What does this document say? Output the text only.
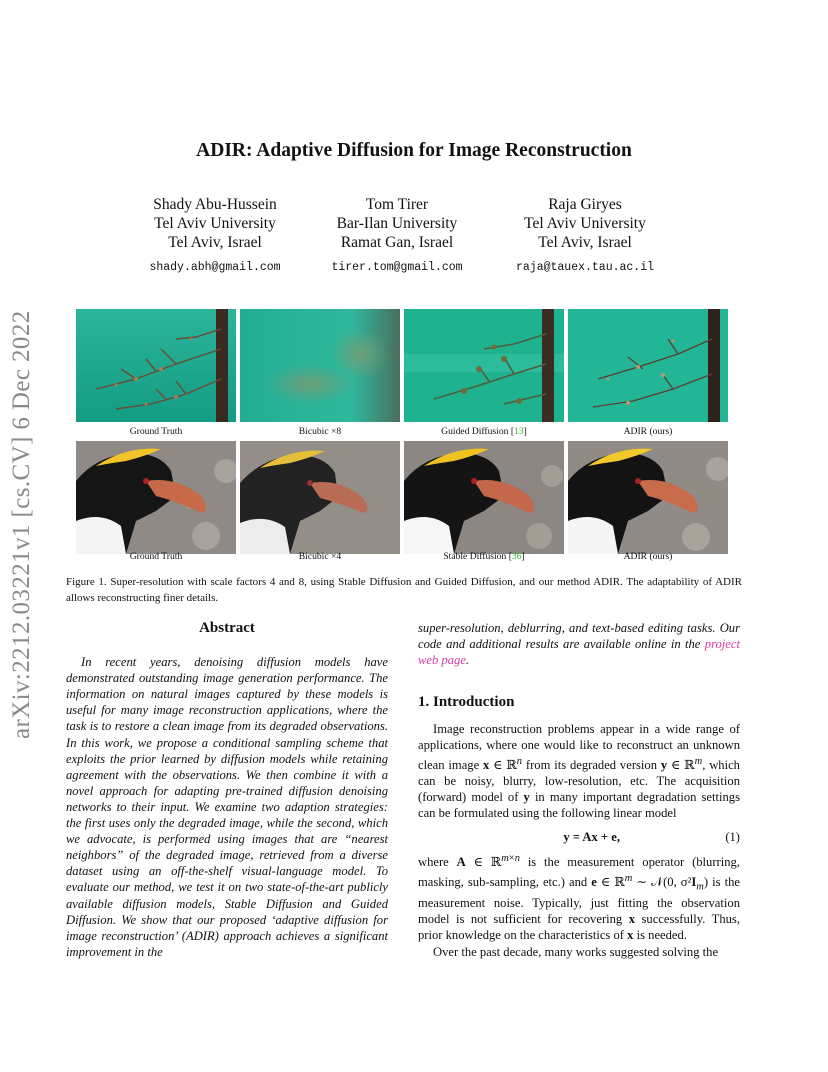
arXiv:2212.03221v1 [cs.CV] 6 Dec 2022
ADIR: Adaptive Diffusion for Image Reconstruction
Shady Abu-Hussein
Tel Aviv University
Tel Aviv, Israel
shady.abh@gmail.com
Tom Tirer
Bar-Ilan University
Ramat Gan, Israel
tirer.tom@gmail.com
Raja Giryes
Tel Aviv University
Tel Aviv, Israel
raja@tauex.tau.ac.il
Ground Truth	Bicubic ×8	Guided Diffusion [13]	ADIR (ours)
Ground Truth	Bicubic ×4	Stable Diffusion [36]	ADIR (ours)
Figure 1. Super-resolution with scale factors 4 and 8, using Stable Diffusion and Guided Diffusion, and our method ADIR. The adaptability of ADIR allows reconstructing finer details.
Abstract
In recent years, denoising diffusion models have demonstrated outstanding image generation performance. The information on natural images captured by these models is useful for many image reconstruction applications, where the task is to restore a clean image from its degraded observations. In this work, we propose a conditional sampling scheme that exploits the prior learned by diffusion models while retaining agreement with the observations. We then combine it with a novel approach for adapting pre-trained diffusion denoising networks to their input. We examine two adaption strategies: the first uses only the degraded image, while the second, which we advocate, is performed using images that are “nearest neighbors” of the degraded image, retrieved from a diverse dataset using an off-the-shelf visual-language model. To evaluate our method, we test it on two state-of-the-art publicly available diffusion models, Stable Diffusion and Guided Diffusion. We show that our proposed ‘adaptive diffusion for image reconstruction’ (ADIR) approach achieves a significant improvement in the
super-resolution, deblurring, and text-based editing tasks. Our code and additional results are available online in the project web page.
1. Introduction
Image reconstruction problems appear in a wide range of applications, where one would like to reconstruct an unknown clean image x ∈ ℝ$^n$ from its degraded version y ∈ ℝ$^m$, which can be noisy, blurry, low-resolution, etc. The acquisition (forward) model of y in many important degradation settings can be formulated using the following linear model
y = Ax + e,	(1)
where A ∈ ℝ$^{m\times n}$ is the measurement operator (blurring, masking, sub-sampling, etc.) and e ∈ ℝ$^m$ ∼ 𝒩(0, $\sigma^2I_m$) is the measurement noise. Typically, just fitting the observation model is not sufficient for recovering x successfully. Thus, prior knowledge on the characteristics of x is needed.
Over the past decade, many works suggested solving the
